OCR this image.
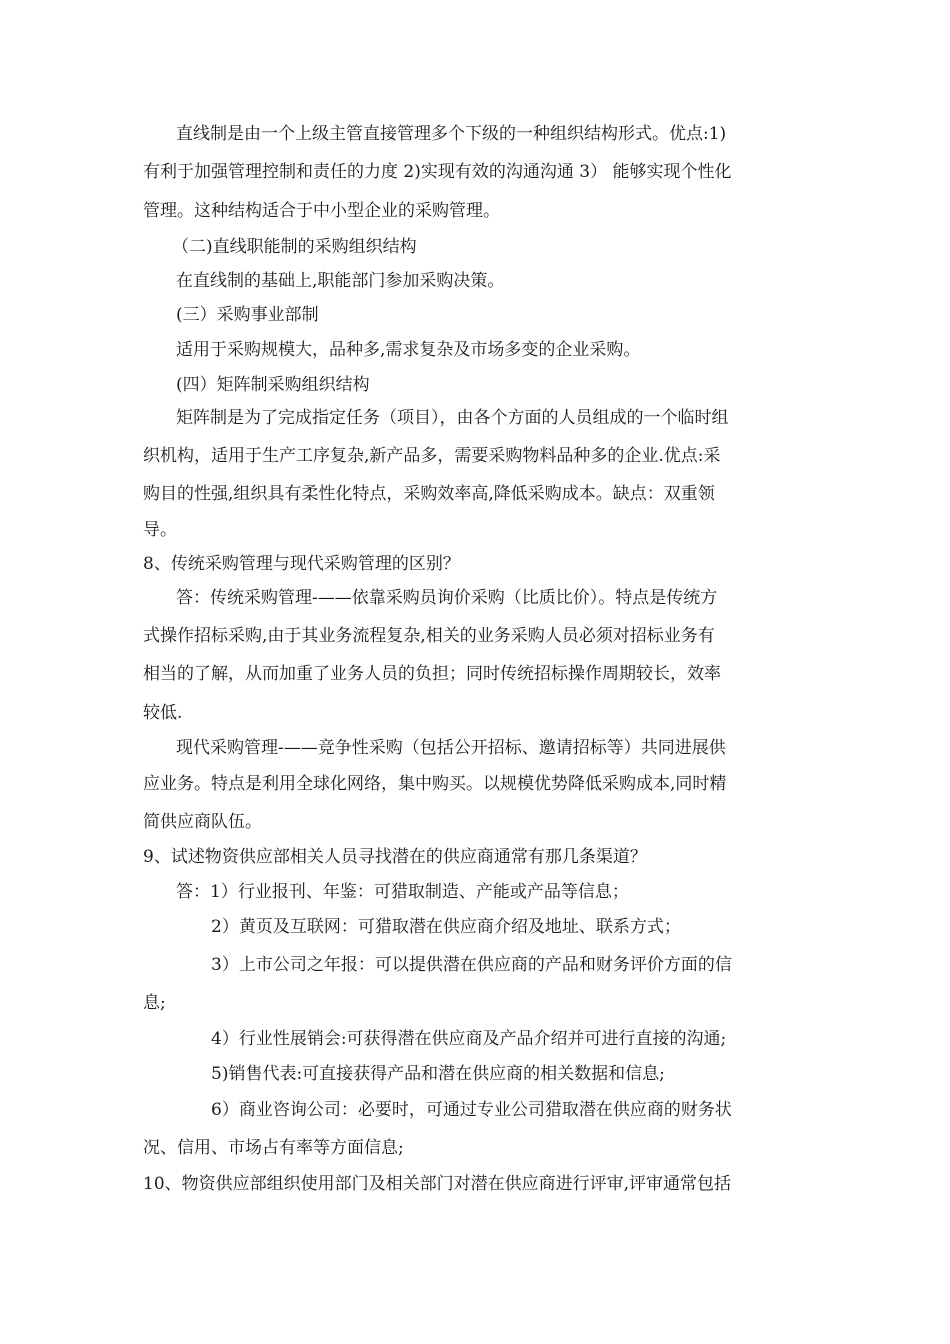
直线制是由一个上级主管直接管理多个下级的一种组织结构形式。优点:1)
有利于加强管理控制和责任的力度 2)实现有效的沟通沟通 3） 能够实现个性化
管理。这种结构适合于中小型企业的采购管理。
（二)直线职能制的采购组织结构
在直线制的基础上,职能部门参加采购决策。
(三）采购事业部制
适用于采购规模大，品种多,需求复杂及市场多变的企业采购。
(四）矩阵制采购组织结构
矩阵制是为了完成指定任务（项目），由各个方面的人员组成的一个临时组
织机构，适用于生产工序复杂,新产品多，需要采购物料品种多的企业.优点:采
购目的性强,组织具有柔性化特点，采购效率高,降低采购成本。缺点：双重领
导。
8、传统采购管理与现代采购管理的区别？
答：传统采购管理-——依靠采购员询价采购（比质比价）。特点是传统方
式操作招标采购,由于其业务流程复杂,相关的业务采购人员必须对招标业务有
相当的了解，从而加重了业务人员的负担；同时传统招标操作周期较长，效率
较低.
现代采购管理-——竞争性采购（包括公开招标、邀请招标等）共同进展供
应业务。特点是利用全球化网络，集中购买。以规模优势降低采购成本,同时精
简供应商队伍。
9、试述物资供应部相关人员寻找潜在的供应商通常有那几条渠道？
答：1）行业报刊、年鉴：可猎取制造、产能或产品等信息；
2）黄页及互联网：可猎取潜在供应商介绍及地址、联系方式；
3）上市公司之年报：可以提供潜在供应商的产品和财务评价方面的信
息;
4）行业性展销会:可获得潜在供应商及产品介绍并可进行直接的沟通;
5)销售代表:可直接获得产品和潜在供应商的相关数据和信息;
6）商业咨询公司：必要时，可通过专业公司猎取潜在供应商的财务状
况、信用、市场占有率等方面信息;
10、物资供应部组织使用部门及相关部门对潜在供应商进行评审,评审通常包括
